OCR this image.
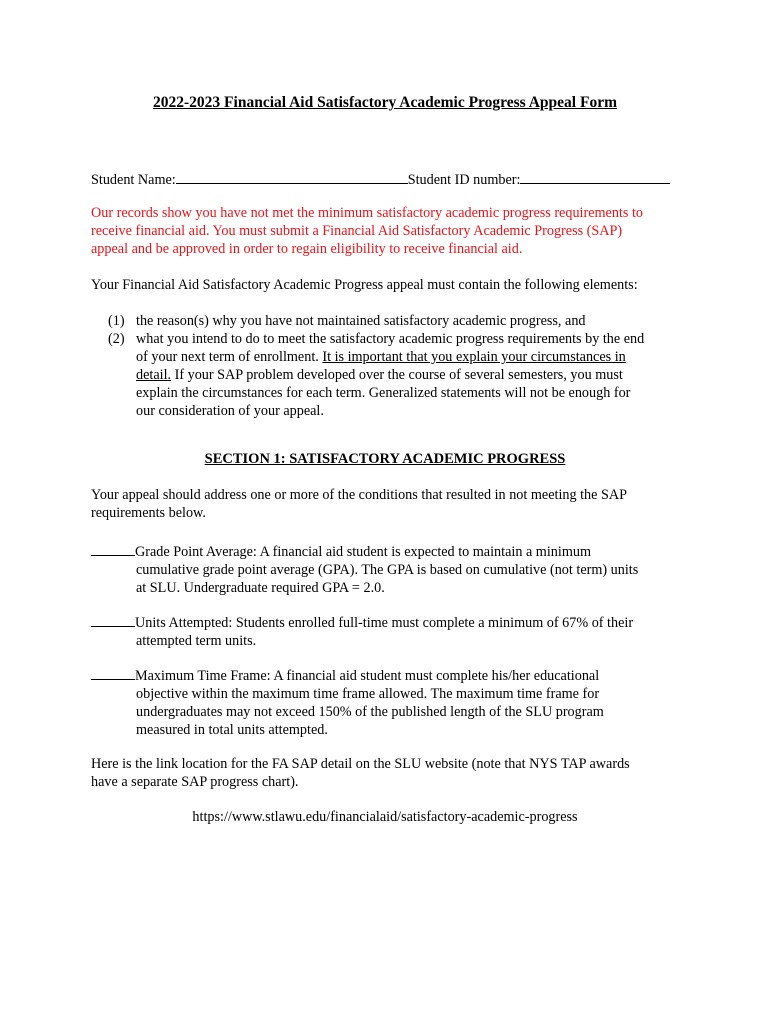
2022-2023 Financial Aid Satisfactory Academic Progress Appeal Form
Student Name:	Student ID number:

Our records show you have not met the minimum satisfactory academic progress requirements to

receive financial aid. You must submit a Financial Aid Satisfactory Academic Progress (SAP)

appeal and be approved in order to regain eligibility to receive financial aid.

Your Financial Aid Satisfactory Academic Progress appeal must contain the following elements:
(1) the reason(s) why you have not maintained satisfactory academic progress, and

(2) what you intend to do to meet the satisfactory academic progress requirements by the end

of your next term of enrollment. It is important that you explain your circumstances in

detail. If your SAP problem developed over the course of several semesters, you must

explain the circumstances for each term. Generalized statements will not be enough for

our consideration of your appeal.

SECTION 1: SATISFACTORY ACADEMIC PROGRESS

Your appeal should address one or more of the conditions that resulted in not meeting the SAP

requirements below.

Grade Point Average: A financial aid student is expected to maintain a minimum

cumulative grade point average (GPA). The GPA is based on cumulative (not term) units

at SLU. Undergraduate required GPA = 2.0.

Units Attempted: Students enrolled full-time must complete a minimum of 67% of their

attempted term units.

Maximum Time Frame: A financial aid student must complete his/her educational

objective within the maximum time frame allowed. The maximum time frame for

undergraduates may not exceed 150% of the published length of the SLU program

measured in total units attempted.

Here is the link location for the FA SAP detail on the SLU website (note that NYS TAP awards

have a separate SAP progress chart).

https://www.stlawu.edu/financialaid/satisfactory-academic-progress
